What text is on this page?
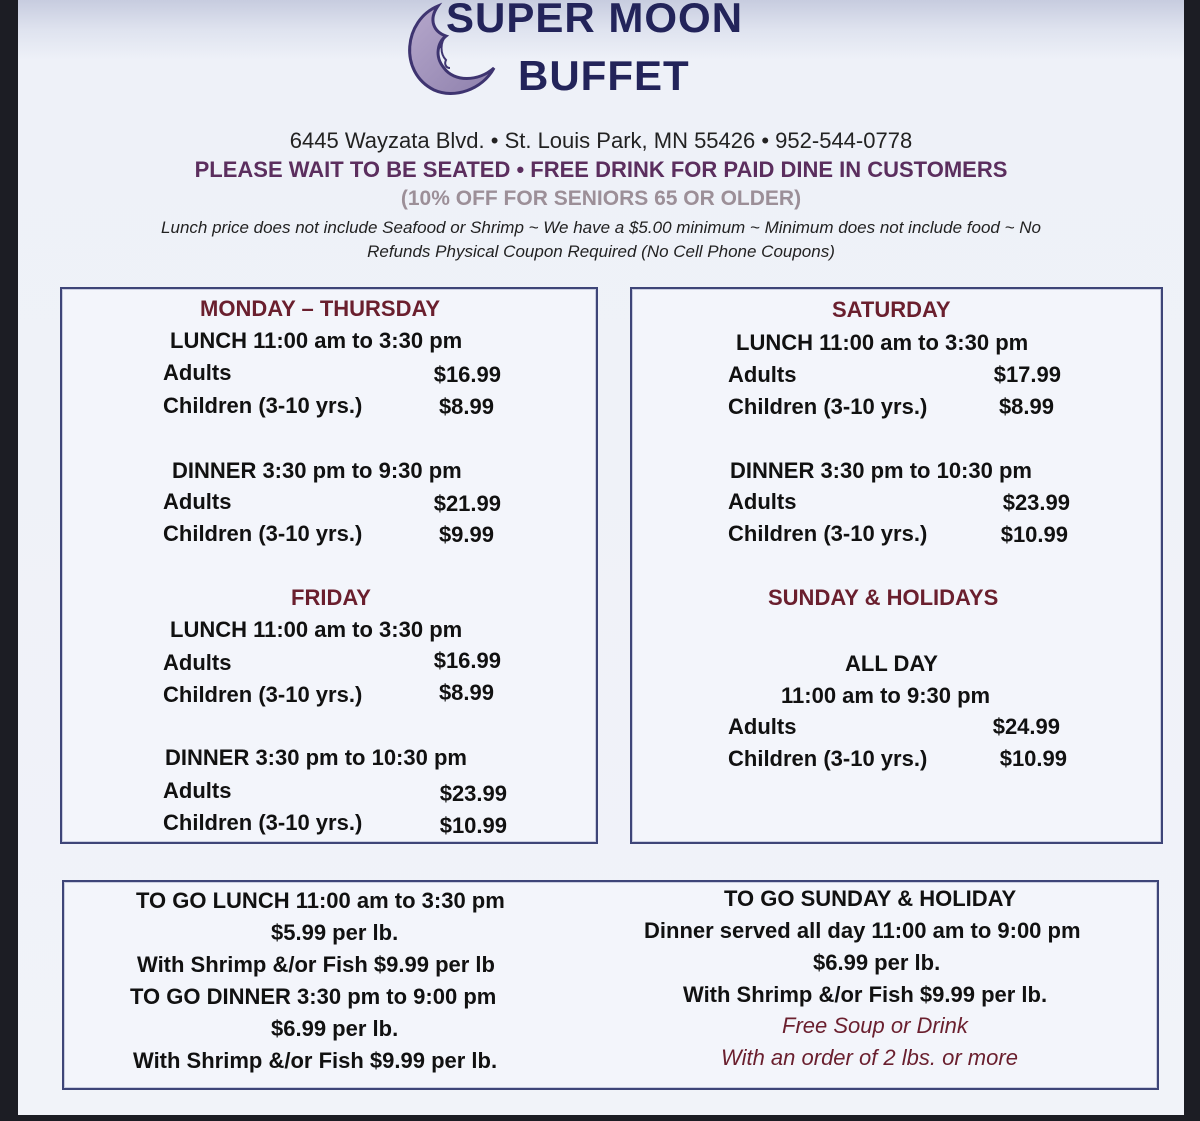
SUPER MOON
BUFFET
6445 Wayzata Blvd. • St. Louis Park, MN 55426 • 952-544-0778
PLEASE WAIT TO BE SEATED • FREE DRINK FOR PAID DINE IN CUSTOMERS
(10% OFF FOR SENIORS 65 OR OLDER)
Lunch price does not include Seafood or Shrimp ~ We have a $5.00 minimum ~ Minimum does not include food ~ No
Refunds Physical Coupon Required (No Cell Phone Coupons)
MONDAY – THURSDAY
LUNCH 11:00 am to 3:30 pm
Adults	$16.99
Children (3-10 yrs.)	$8.99
DINNER 3:30 pm to 9:30 pm
Adults	$21.99
Children (3-10 yrs.)	$9.99
FRIDAY
LUNCH 11:00 am to 3:30 pm
Adults	$16.99
Children (3-10 yrs.)	$8.99
DINNER 3:30 pm to 10:30 pm
Adults	$23.99
Children (3-10 yrs.)	$10.99
SATURDAY
LUNCH 11:00 am to 3:30 pm
Adults	$17.99
Children (3-10 yrs.)	$8.99
DINNER 3:30 pm to 10:30 pm
Adults	$23.99
Children (3-10 yrs.)	$10.99
SUNDAY & HOLIDAYS
ALL DAY
11:00 am to 9:30 pm
Adults	$24.99
Children (3-10 yrs.)	$10.99
TO GO LUNCH 11:00 am to 3:30 pm
$5.99 per lb.
With Shrimp &/or Fish $9.99 per lb
TO GO DINNER 3:30 pm to 9:00 pm
$6.99 per lb.
With Shrimp &/or Fish $9.99 per lb.
TO GO SUNDAY & HOLIDAY
Dinner served all day 11:00 am to 9:00 pm
$6.99 per lb.
With Shrimp &/or Fish $9.99 per lb.
Free Soup or Drink
With an order of 2 lbs. or more
